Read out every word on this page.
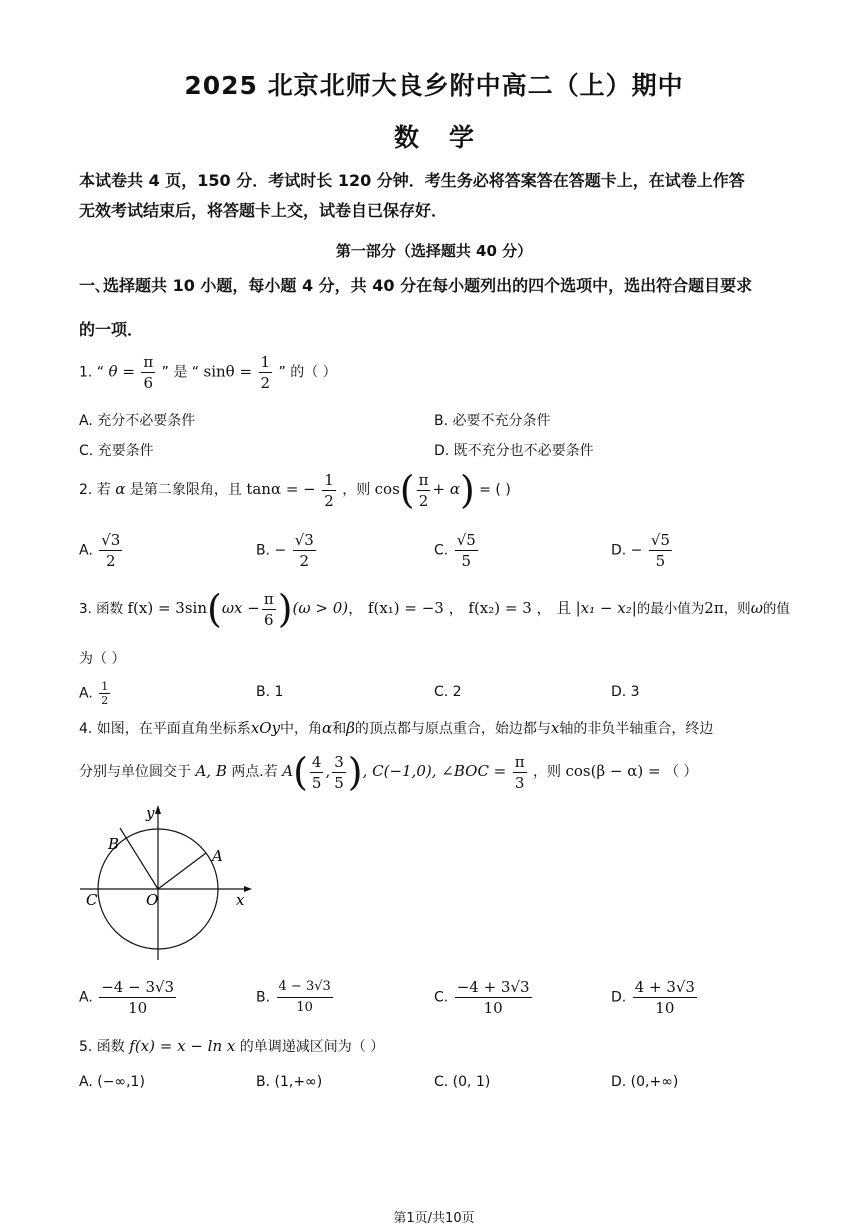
2025 北京北师大良乡附中高二（上）期中
数学
本试卷共 4 页，150 分．考试时长 120 分钟．考生务必将答案答在答题卡上，在试卷上作答
无效考试结束后，将答题卡上交，试卷自已保存好．
第一部分（选择题共 40 分）
一､选择题共 10 小题，每小题 4 分，共 40 分在每小题列出的四个选项中，选出符合题目要求
的一项．
1. “ $\theta = \frac{\pi}{6}$ ” 是 “ $\sin\theta = \frac{1}{2}$ ” 的（ ）
A. 充分不必要条件	B. 必要不充分条件
C. 充要条件	D. 既不充分也不必要条件
2. 若 α 是第二象限角，且 tanα = − $\frac{1}{2}$ ，则 $\cos( \frac{\pi}{2} + \alpha)$ = ( )
A. $\frac{√3}{2}$	B. − $\frac{√3}{2}$	C. $\frac{√5}{5}$	D. − $\frac{√5}{5}$
3. 函数 $f(x) = 3\sin(\omega x - \frac{\pi}{6} )(\omega > 0)$， f(x₁) = −3 ， f(x₂) = 3 ， 且 |x₁ − x₂|的最小值为2π，则ω的值
为（ ）
A. $\frac{1}{2}$	B. 1	C. 2	D. 3
4. 如图，在平面直角坐标系xOy中，角α和β的顶点都与原点重合，始边都与x轴的非负半轴重合，终边
分别与单位圆交于 A, B 两点.若 $A( \frac{4}{5}$ , $\frac{3}{5}$ ), C(−1,0), ∠BOC = $\frac{\pi}{3}$ ，则 cos(β − α) = （ ）
y
x
O
A
B
C
A. $\frac{-4 - 3√3}{10}$	B. $\frac{4 - 3√3}{10}$	C. $\frac{-4 + 3√3}{10}$	D. $\frac{4 + 3√3}{10}$
5. 函数 f(x) = x − ln x 的单调递减区间为（ ）
A. (−∞,1)	B. (1,+∞)	C. (0, 1)	D. (0,+∞)
第1页/共10页
